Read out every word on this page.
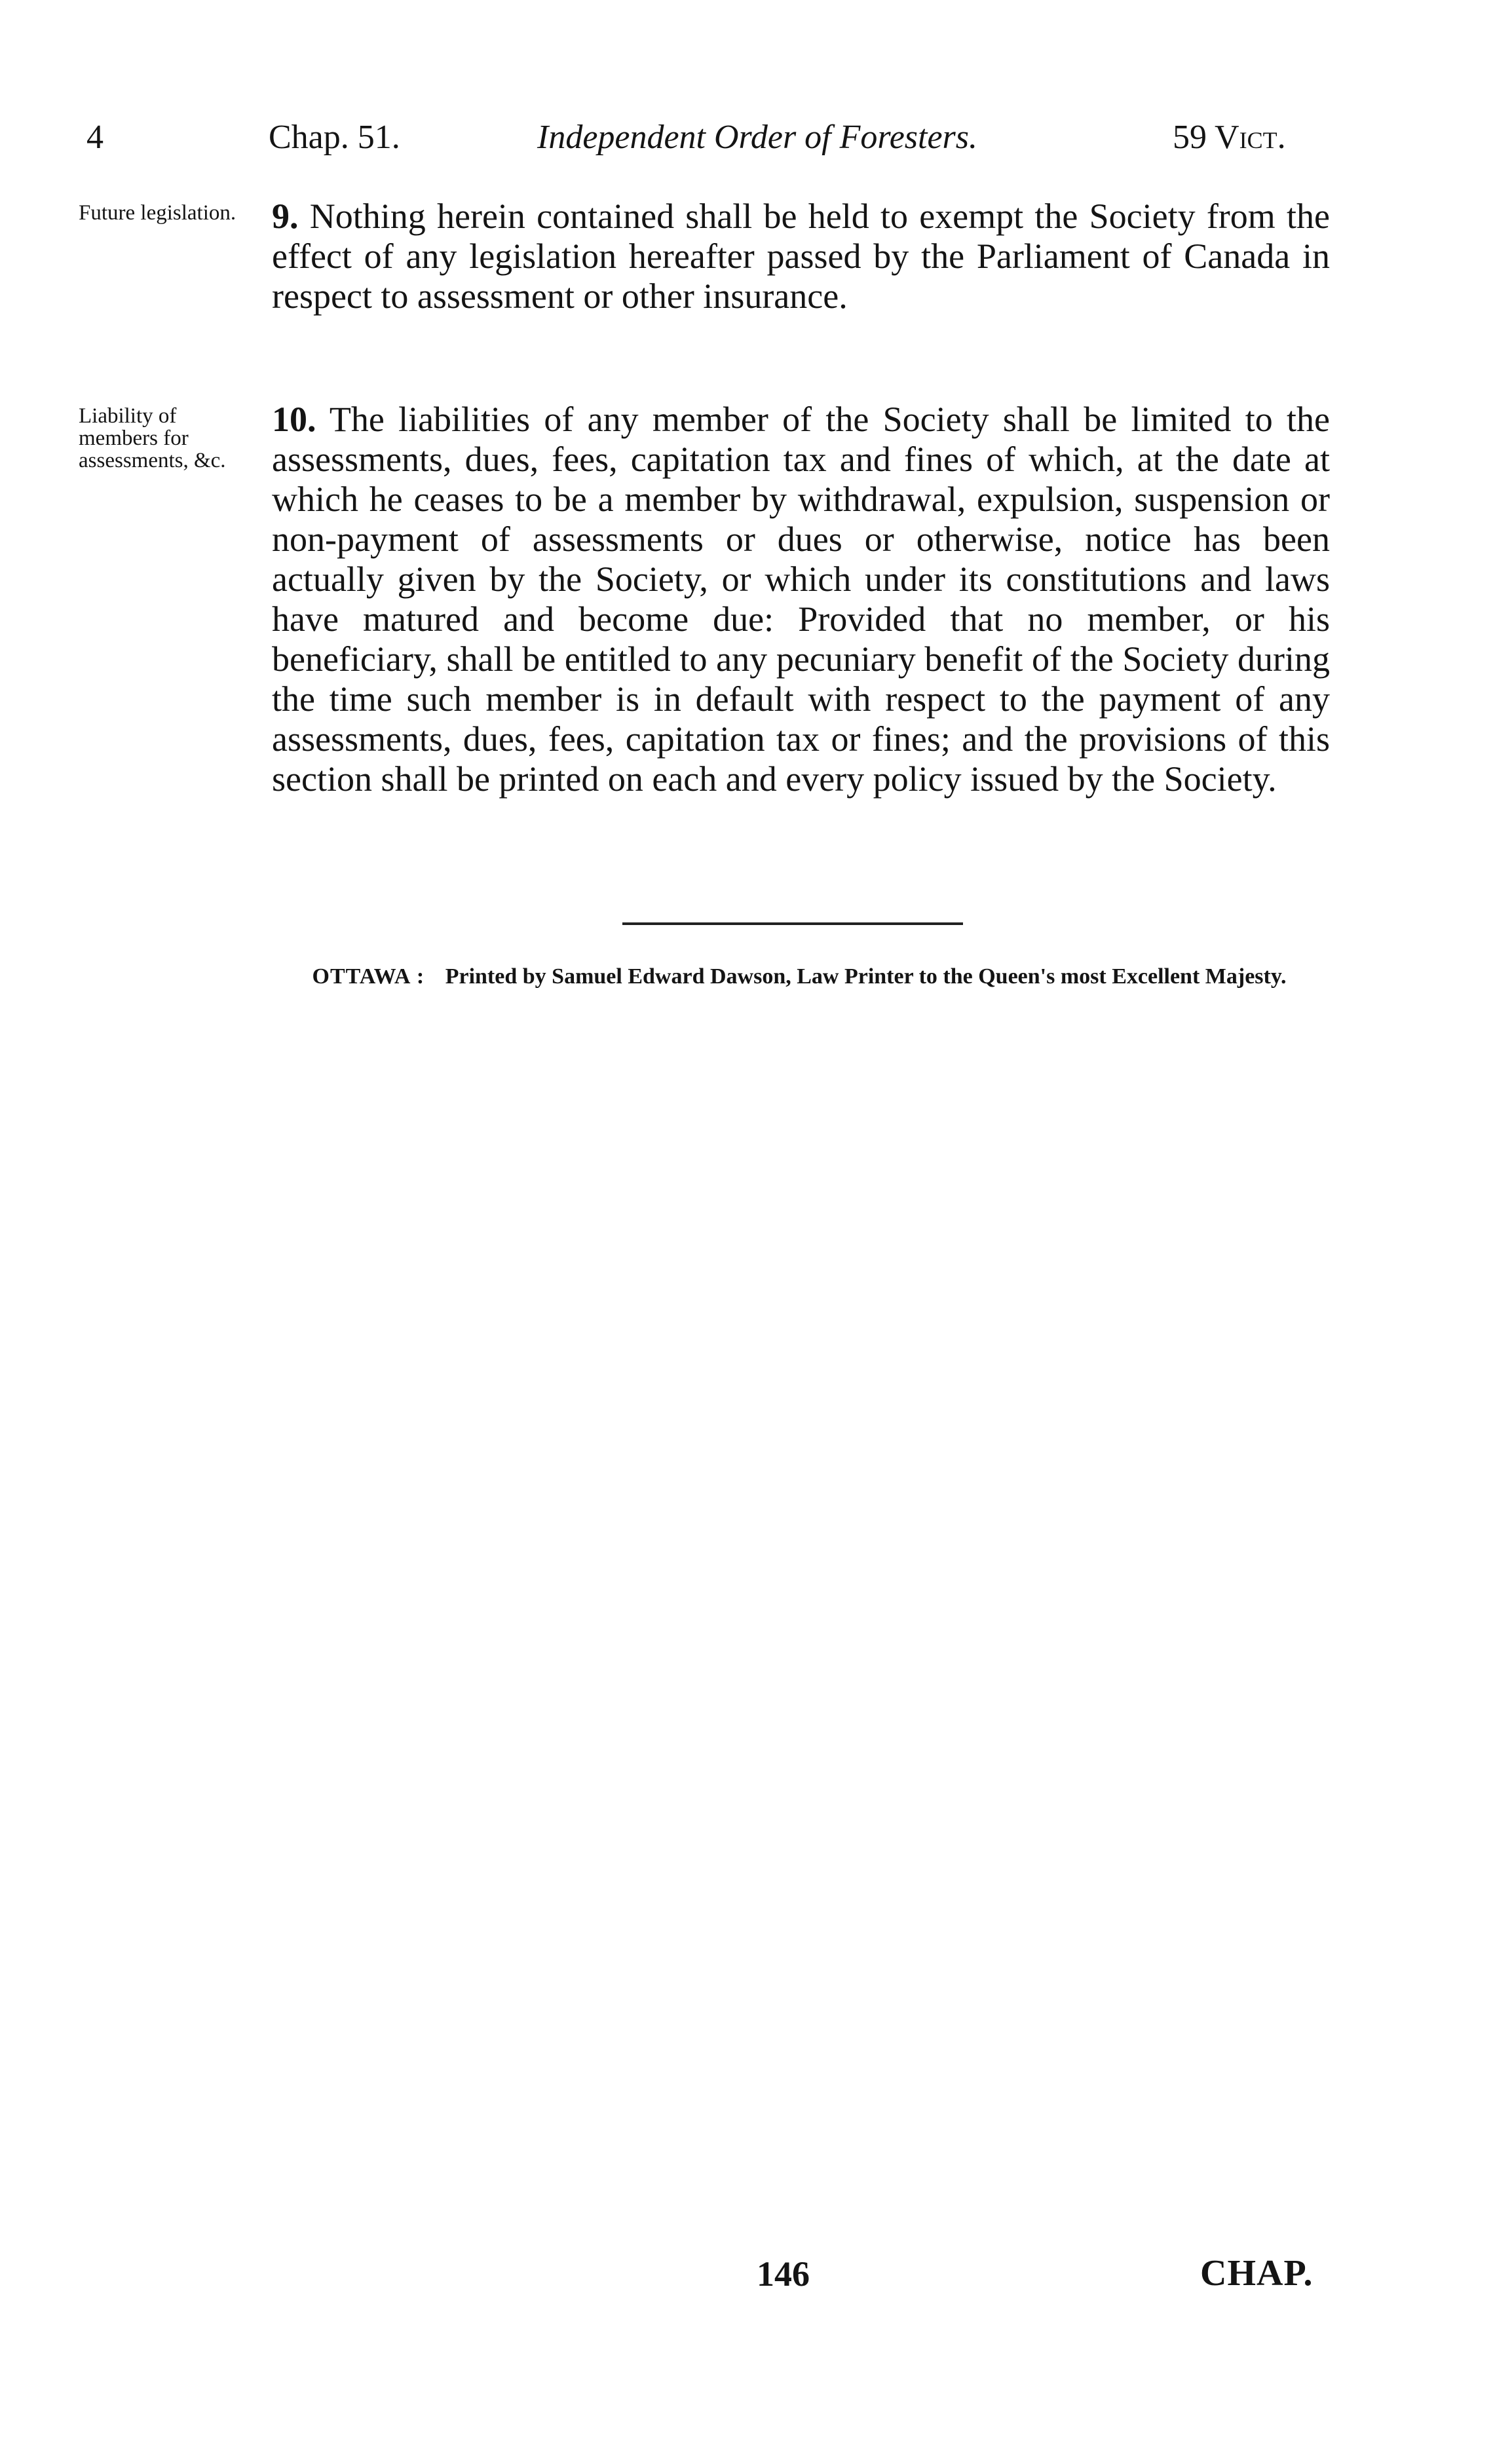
4	Chap. 51.	Independent Order of Foresters.	59 Vict.
Future legislation.	9. Nothing herein contained shall be held to exempt the Society from the effect of any legislation hereafter passed by the Parliament of Canada in respect to assessment or other insurance.

Liability of members for assessments, &c.

10. The liabilities of any member of the Society shall be limited to the assessments, dues, fees, capitation tax and fines of which, at the date at which he ceases to be a member by withdrawal, expulsion, suspension or non-payment of assessments or dues or otherwise, notice has been actually given by the Society, or which under its constitutions and laws have matured and become due: Provided that no member, or his beneficiary, shall be entitled to any pecuniary benefit of the Society during the time such member is in default with respect to the payment of any assessments, dues, fees, capitation tax or fines; and the provisions of this section shall be printed on each and every policy issued by the Society.

OTTAWA : Printed by Samuel Edward Dawson, Law Printer to the Queen's most Excellent Majesty.
146	CHAP.
